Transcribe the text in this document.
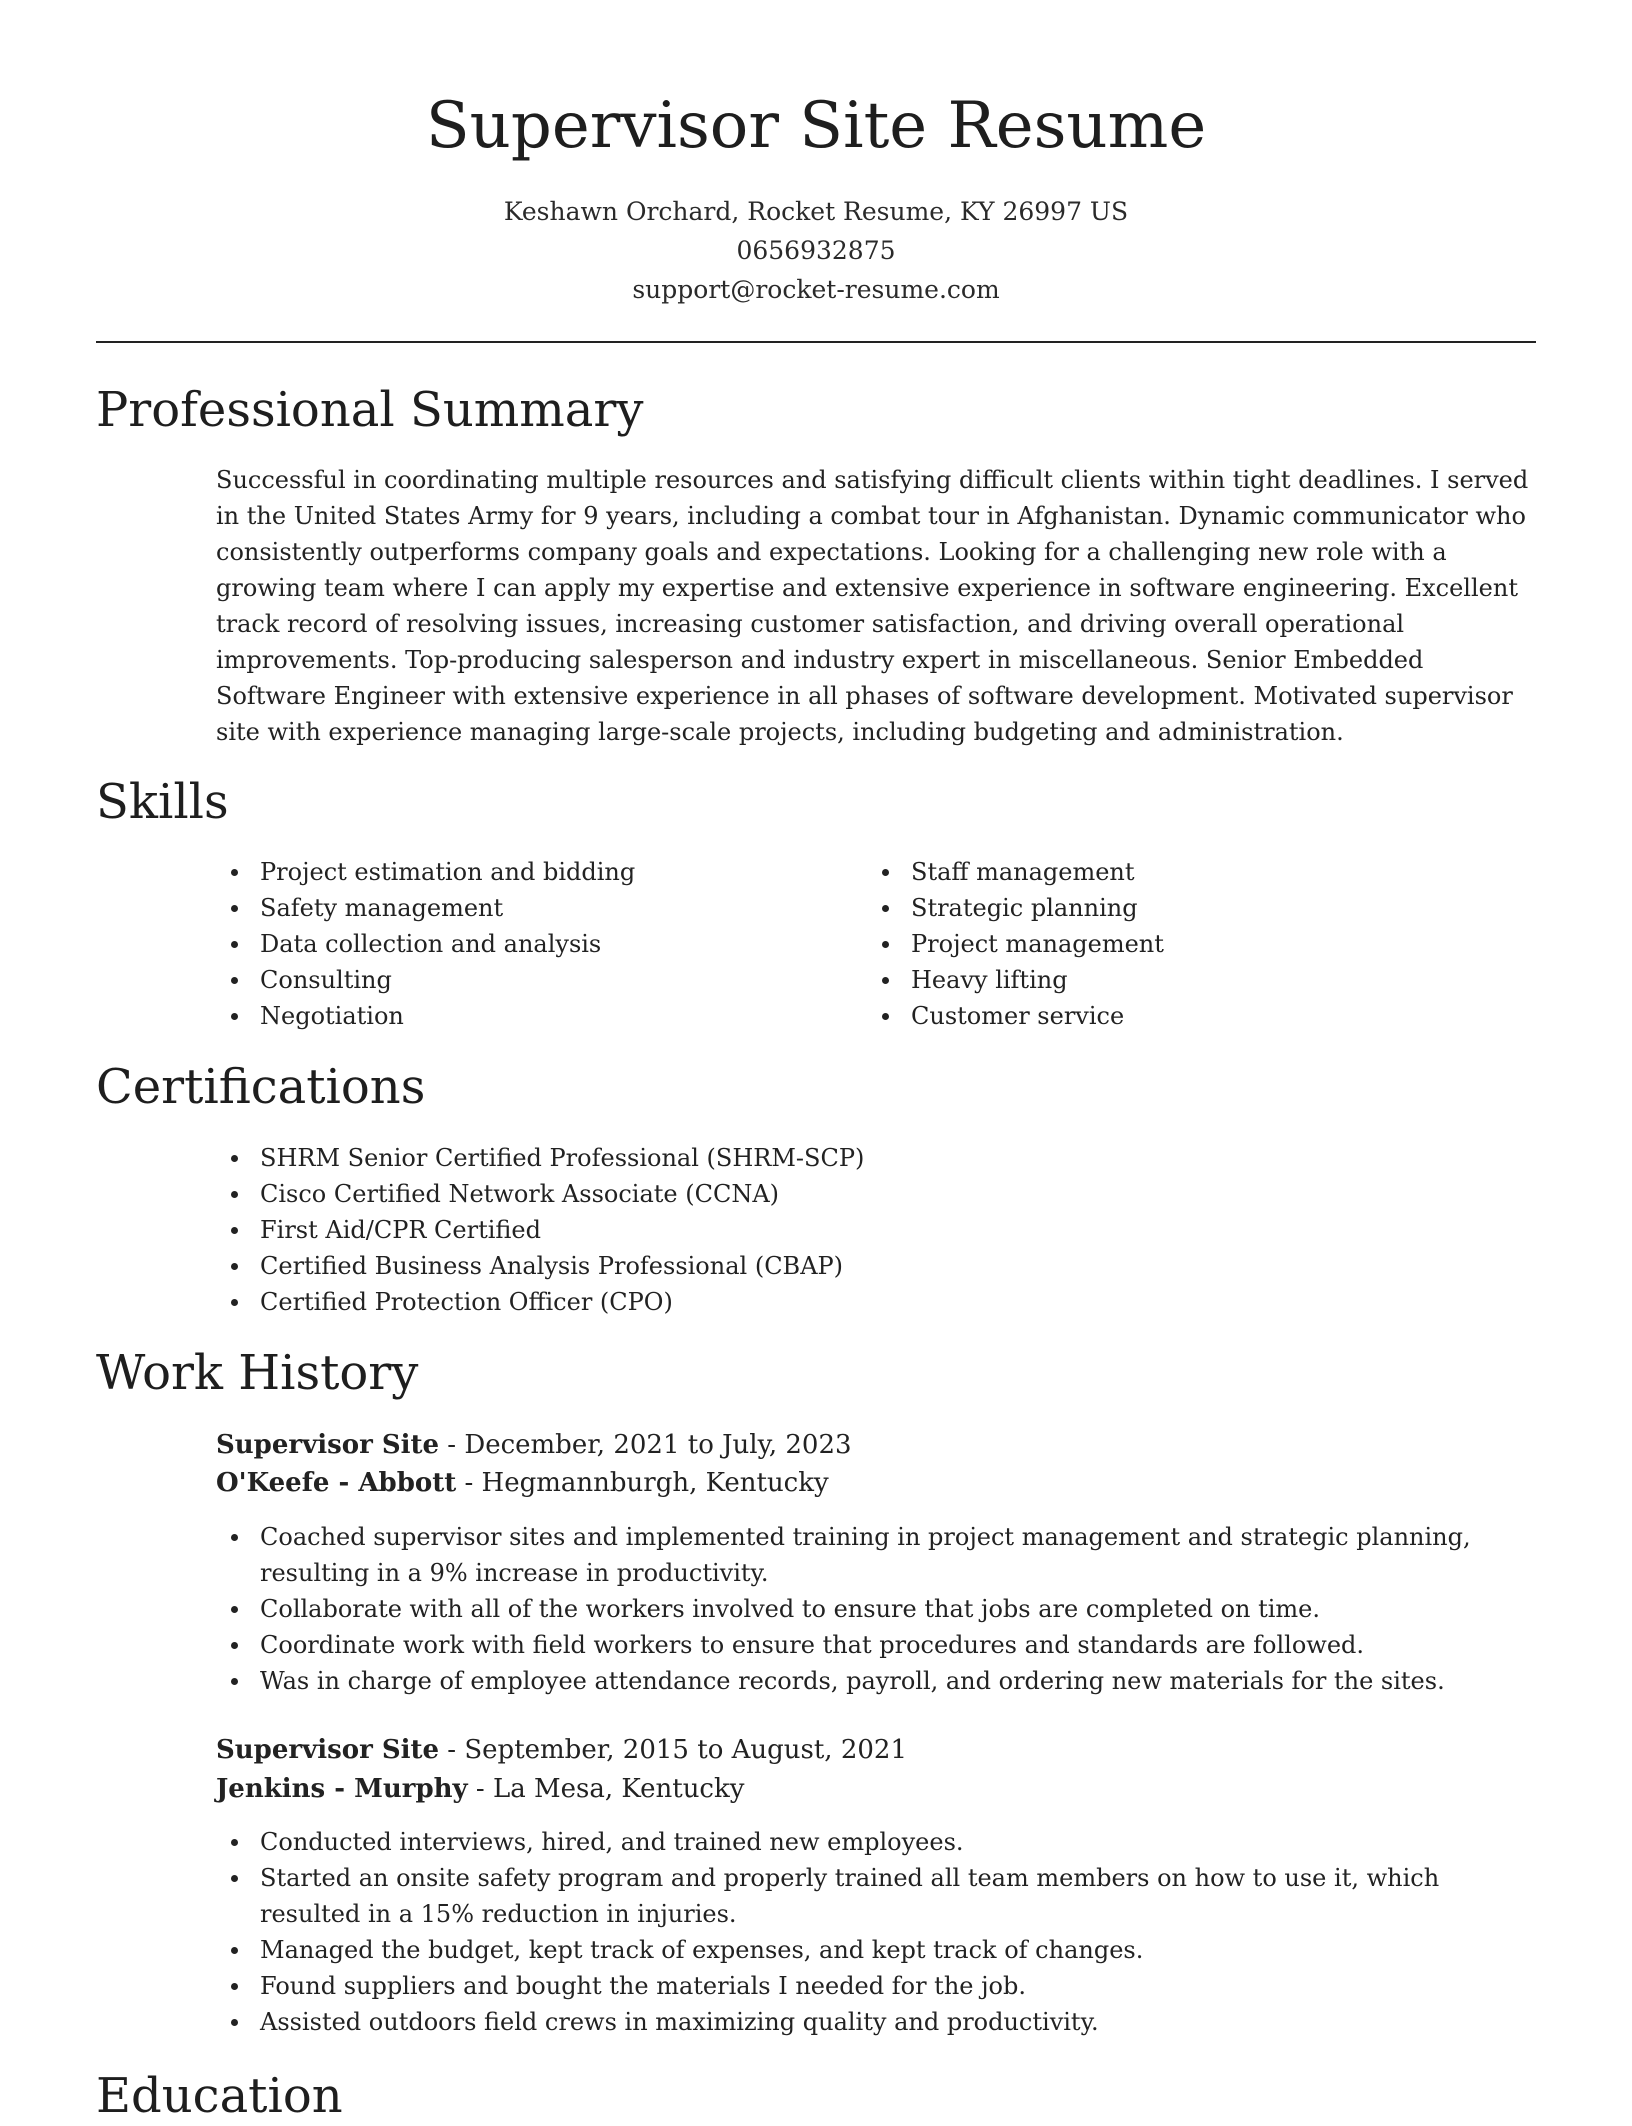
Supervisor Site Resume
Keshawn Orchard, Rocket Resume, KY 26997 US
0656932875
support@rocket-resume.com
Professional Summary

Successful in coordinating multiple resources and satisfying difficult clients within tight deadlines. I served in the United States Army for 9 years, including a combat tour in Afghanistan. Dynamic communicator who consistently outperforms company goals and expectations. Looking for a challenging new role with a growing team where I can apply my expertise and extensive experience in software engineering. Excellent track record of resolving issues, increasing customer satisfaction, and driving overall operational improvements. Top-producing salesperson and industry expert in miscellaneous. Senior Embedded Software Engineer with extensive experience in all phases of software development. Motivated supervisor site with experience managing large-scale projects, including budgeting and administration.

Skills
Project estimation and bidding
Safety management
Data collection and analysis
Consulting
Negotiation
Staff management
Strategic planning
Project management
Heavy lifting
Customer service
Certifications
SHRM Senior Certified Professional (SHRM-SCP)
Cisco Certified Network Associate (CCNA)
First Aid/CPR Certified
Certified Business Analysis Professional (CBAP)
Certified Protection Officer (CPO)
Work History
Supervisor Site - December, 2021 to July, 2023
O'Keefe - Abbott - Hegmannburgh, Kentucky
Coached supervisor sites and implemented training in project management and strategic planning, resulting in a 9% increase in productivity.
Collaborate with all of the workers involved to ensure that jobs are completed on time.
Coordinate work with field workers to ensure that procedures and standards are followed.
Was in charge of employee attendance records, payroll, and ordering new materials for the sites.
Supervisor Site - September, 2015 to August, 2021
Jenkins - Murphy - La Mesa, Kentucky
Conducted interviews, hired, and trained new employees.
Started an onsite safety program and properly trained all team members on how to use it, which resulted in a 15% reduction in injuries.
Managed the budget, kept track of expenses, and kept track of changes.
Found suppliers and bought the materials I needed for the job.
Assisted outdoors field crews in maximizing quality and productivity.
Education
